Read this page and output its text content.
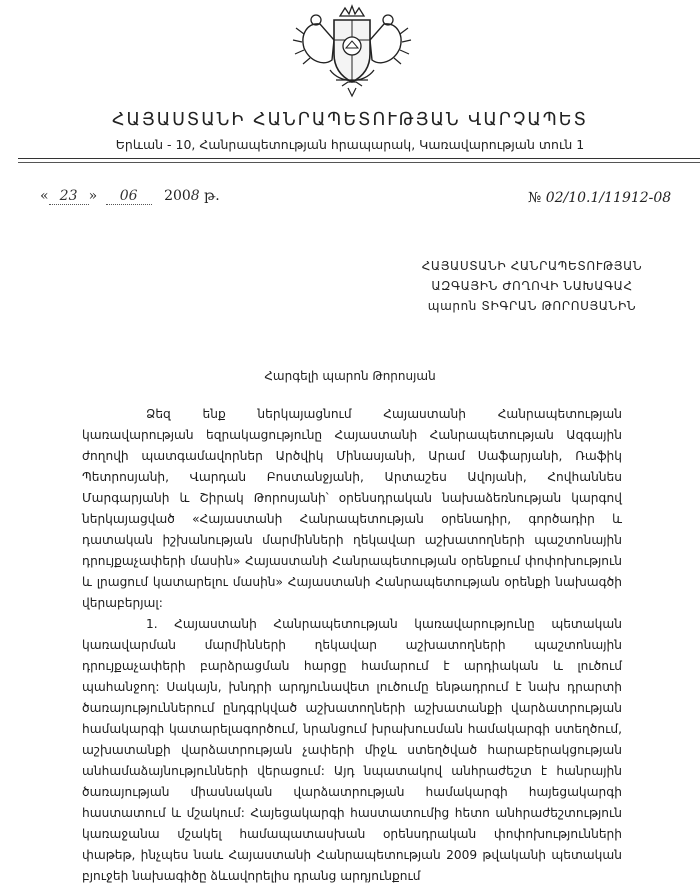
ՀԱՅԱՍՏԱՆԻ ՀԱՆՐԱՊԵՏՈՒԹՅԱՆ ՎԱՐՉԱՊԵՏ
Երևան - 10, Հանրապետության հրապարակ, Կառավարության տուն 1
« 23 » 06 2008 թ.	№ 02/10.1/11912-08
ՀԱՅԱՍՏԱՆԻ ՀԱՆՐԱՊԵՏՈՒԹՅԱՆ
ԱԶԳԱՅԻՆ ԺՈՂՈՎԻ ՆԱԽԱԳԱՀ
պարոն ՏԻԳՐԱՆ ԹՈՐՈՍՅԱՆԻՆ
Հարգելի պարոն Թորոսյան

Ձեզ ենք ներկայացնում Հայաստանի Հանրապետության կառավարության եզրակացությունը Հայաստանի Հանրապետության Ազգային ժողովի պատգամավորներ Արծվիկ Մինասյանի, Արամ Սաֆարյանի, Ռաֆիկ Պետրոսյանի, Վարդան Բոստանջյանի, Արտաշես Ավոյանի, Հովհաննես Մարգարյանի և Շիրակ Թորոսյանի՝ օրենսդրական նախաձեռնության կարգով ներկայացված «Հայաստանի Հանրապետության օրենադիր, գործադիր և դատական իշխանության մարմինների ղեկավար աշխատողների պաշտոնային դրույքաչափերի մասին» Հայաստանի Հանրապետության օրենքում փոփոխություն և լրացում կատարելու մասին» Հայաստանի Հանրապետության օրենքի նախագծի վերաբերյալ:

1. Հայաստանի Հանրապետության կառավարությունը պետական կառավարման մարմինների ղեկավար աշխատողների պաշտոնային դրույքաչափերի բարձրացման հարցը համարում է արդիական և լուծում պահանջող: Սակայն, խնդրի արդյունավետ լուծումը ենթադրում է նախ դրարտի ծառայություններում ընդգրկված աշխատողների աշխատանքի վարձատրության համակարգի կատարելագործում, նրանցում խրախուսման համակարգի ստեղծում, աշխատանքի վարձատրության չափերի միջև ստեղծված հարաբերակցության անհամաձայնությունների վերացում: Այդ նպատակով անհրաժեշտ է հանրային ծառայության միասնական վարձատրության համակարգի հայեցակարգի հաստատում և մշակում: Հայեցակարգի հաստատումից հետո անհրաժեշտություն կառաջանա մշակել համապատասխան օրենսդրական փոփոխությունների փաթեթ, ինչպես նաև Հայաստանի Հանրապետության 2009 թվականի պետական բյուջեի նախագիծը ձևավորելիս դրանց արդյունքում
